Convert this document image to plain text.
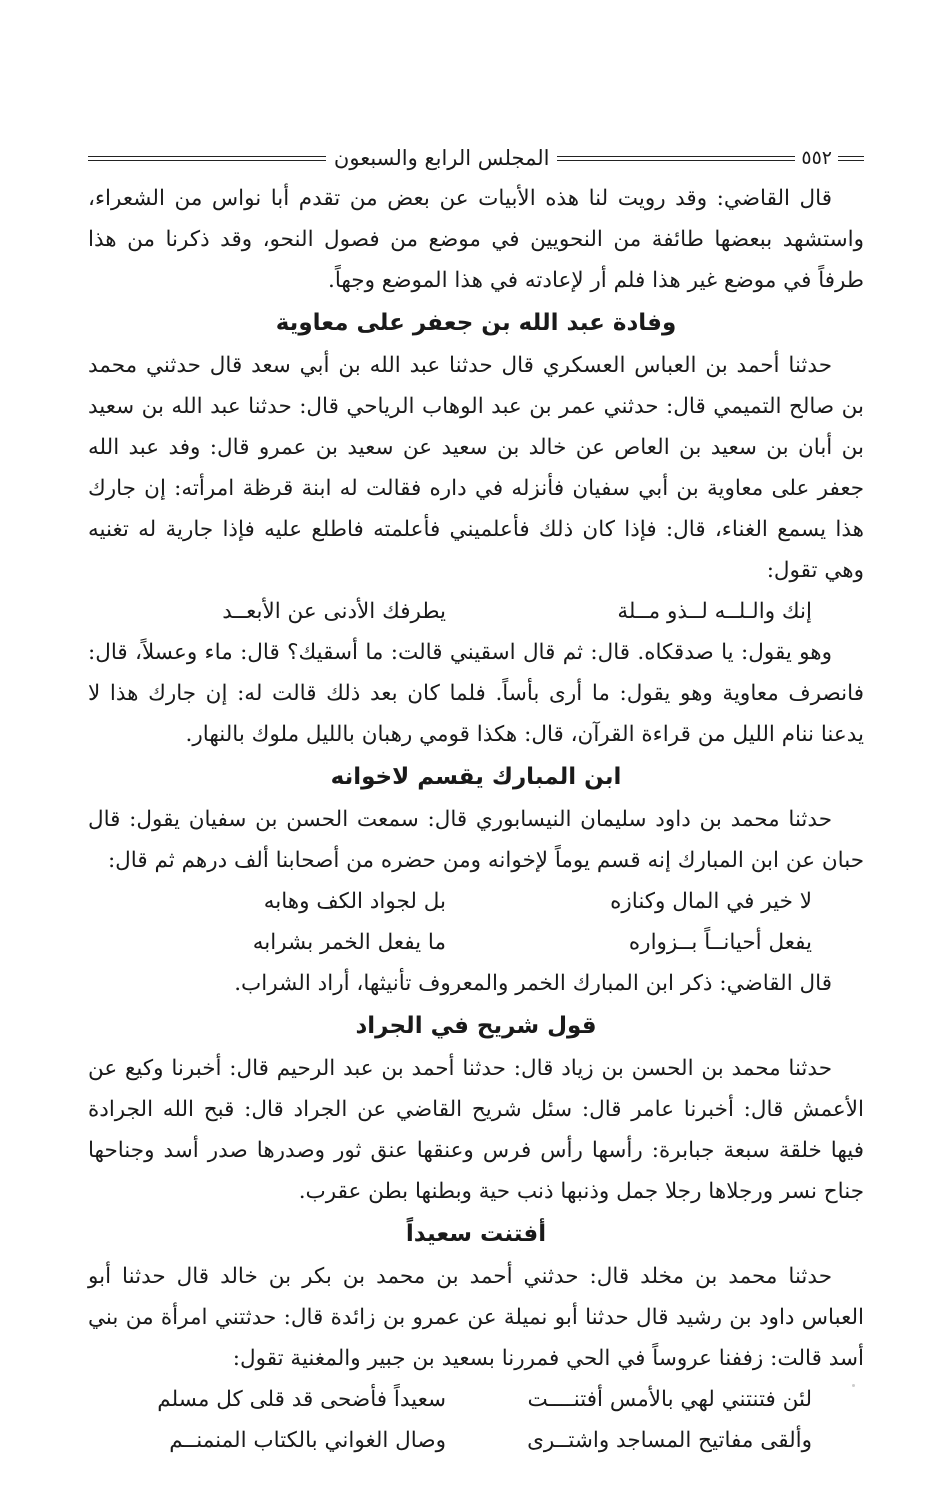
٥٥٢
المجلس الرابع والسبعون

قال القاضي: وقد رويت لنا هذه الأبيات عن بعض من تقدم أبا نواس من الشعراء، واستشهد ببعضها طائفة من النحويين في موضع من فصول النحو، وقد ذكرنا من هذا طرفاً في موضع غير هذا فلم أر لإعادته في هذا الموضع وجهاً.

وفادة عبد الله بن جعفر على معاوية

حدثنا أحمد بن العباس العسكري قال حدثنا عبد الله بن أبي سعد قال حدثني محمد بن صالح التميمي قال: حدثني عمر بن عبد الوهاب الرياحي قال: حدثنا عبد الله بن سعيد بن أبان بن سعيد بن العاص عن خالد بن سعيد عن سعيد بن عمرو قال: وفد عبد الله جعفر على معاوية بن أبي سفيان فأنزله في داره فقالت له ابنة قرظة امرأته: إن جارك هذا يسمع الغناء، قال: فإذا كان ذلك فأعلميني فأعلمته فاطلع عليه فإذا جارية له تغنيه وهي تقول:

إنك والـلــه لــذو مــلة
يطرفك الأدنى عن الأبعــد

وهو يقول: يا صدقكاه. قال: ثم قال اسقيني قالت: ما أسقيك؟ قال: ماء وعسلاً، قال: فانصرف معاوية وهو يقول: ما أرى بأساً. فلما كان بعد ذلك قالت له: إن جارك هذا لا يدعنا ننام الليل من قراءة القرآن، قال: هكذا قومي رهبان بالليل ملوك بالنهار.

ابن المبارك يقسم لاخوانه

حدثنا محمد بن داود سليمان النيسابوري قال: سمعت الحسن بن سفيان يقول: قال حبان عن ابن المبارك إنه قسم يوماً لإخوانه ومن حضره من أصحابنا ألف درهم ثم قال:

لا خير في المال وكنازه
بل لجواد الكف وهابه
يفعل أحيانــاً بــزواره
ما يفعل الخمر بشرابه

قال القاضي: ذكر ابن المبارك الخمر والمعروف تأنيثها، أراد الشراب.

قول شريح في الجراد

حدثنا محمد بن الحسن بن زياد قال: حدثنا أحمد بن عبد الرحيم قال: أخبرنا وكيع عن الأعمش قال: أخبرنا عامر قال: سئل شريح القاضي عن الجراد قال: قبح الله الجرادة فيها خلقة سبعة جبابرة: رأسها رأس فرس وعنقها عنق ثور وصدرها صدر أسد وجناحها جناح نسر ورجلاها رجلا جمل وذنبها ذنب حية وبطنها بطن عقرب.

أفتنت سعيداً

حدثنا محمد بن مخلد قال: حدثني أحمد بن محمد بن بكر بن خالد قال حدثنا أبو العباس داود بن رشيد قال حدثنا أبو نميلة عن عمرو بن زائدة قال: حدثتني امرأة من بني أسد قالت: زففنا عروساً في الحي فمررنا بسعيد بن جبير والمغنية تقول:

لئن فتنتني لهي بالأمس أفتنــــت
سعيداً فأضحى قد قلى كل مسلم
وألقى مفاتيح المساجد واشتــرى
وصال الغواني بالكتاب المنمنــم
